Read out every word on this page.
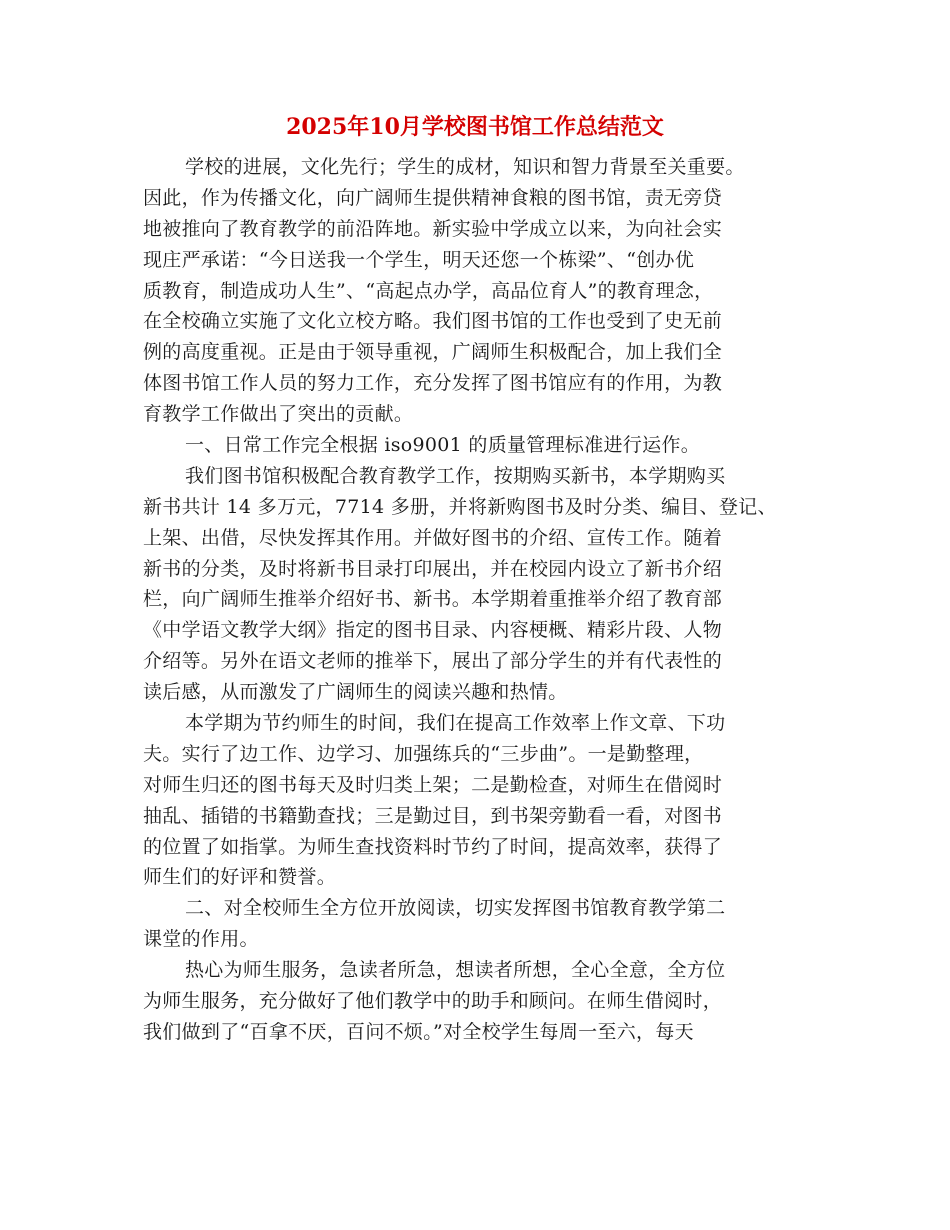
2025年10月学校图书馆工作总结范文
学校的进展，文化先行；学生的成材，知识和智力背景至关重要。
因此，作为传播文化，向广阔师生提供精神食粮的图书馆，责无旁贷
地被推向了教育教学的前沿阵地。新实验中学成立以来，为向社会实
现庄严承诺：“今日送我一个学生，明天还您一个栋梁”、“创办优
质教育，制造成功人生”、“高起点办学，高品位育人”的教育理念，
在全校确立实施了文化立校方略。我们图书馆的工作也受到了史无前
例的高度重视。正是由于领导重视，广阔师生积极配合，加上我们全
体图书馆工作人员的努力工作，充分发挥了图书馆应有的作用，为教
育教学工作做出了突出的贡献。
一、日常工作完全根据 iso9001 的质量管理标准进行运作。
我们图书馆积极配合教育教学工作，按期购买新书，本学期购买
新书共计 14 多万元，7714 多册，并将新购图书及时分类、编目、登记、
上架、出借，尽快发挥其作用。并做好图书的介绍、宣传工作。随着
新书的分类，及时将新书目录打印展出，并在校园内设立了新书介绍
栏，向广阔师生推举介绍好书、新书。本学期着重推举介绍了教育部
《中学语文教学大纲》指定的图书目录、内容梗概、精彩片段、人物
介绍等。另外在语文老师的推举下，展出了部分学生的并有代表性的
读后感，从而激发了广阔师生的阅读兴趣和热情。
本学期为节约师生的时间，我们在提高工作效率上作文章、下功
夫。实行了边工作、边学习、加强练兵的“三步曲”。一是勤整理，
对师生归还的图书每天及时归类上架；二是勤检查，对师生在借阅时
抽乱、插错的书籍勤查找；三是勤过目，到书架旁勤看一看，对图书
的位置了如指掌。为师生查找资料时节约了时间，提高效率，获得了
师生们的好评和赞誉。
二、对全校师生全方位开放阅读，切实发挥图书馆教育教学第二
课堂的作用。
热心为师生服务，急读者所急，想读者所想，全心全意，全方位
为师生服务，充分做好了他们教学中的助手和顾问。在师生借阅时，
我们做到了“百拿不厌，百问不烦。”对全校学生每周一至六，每天
